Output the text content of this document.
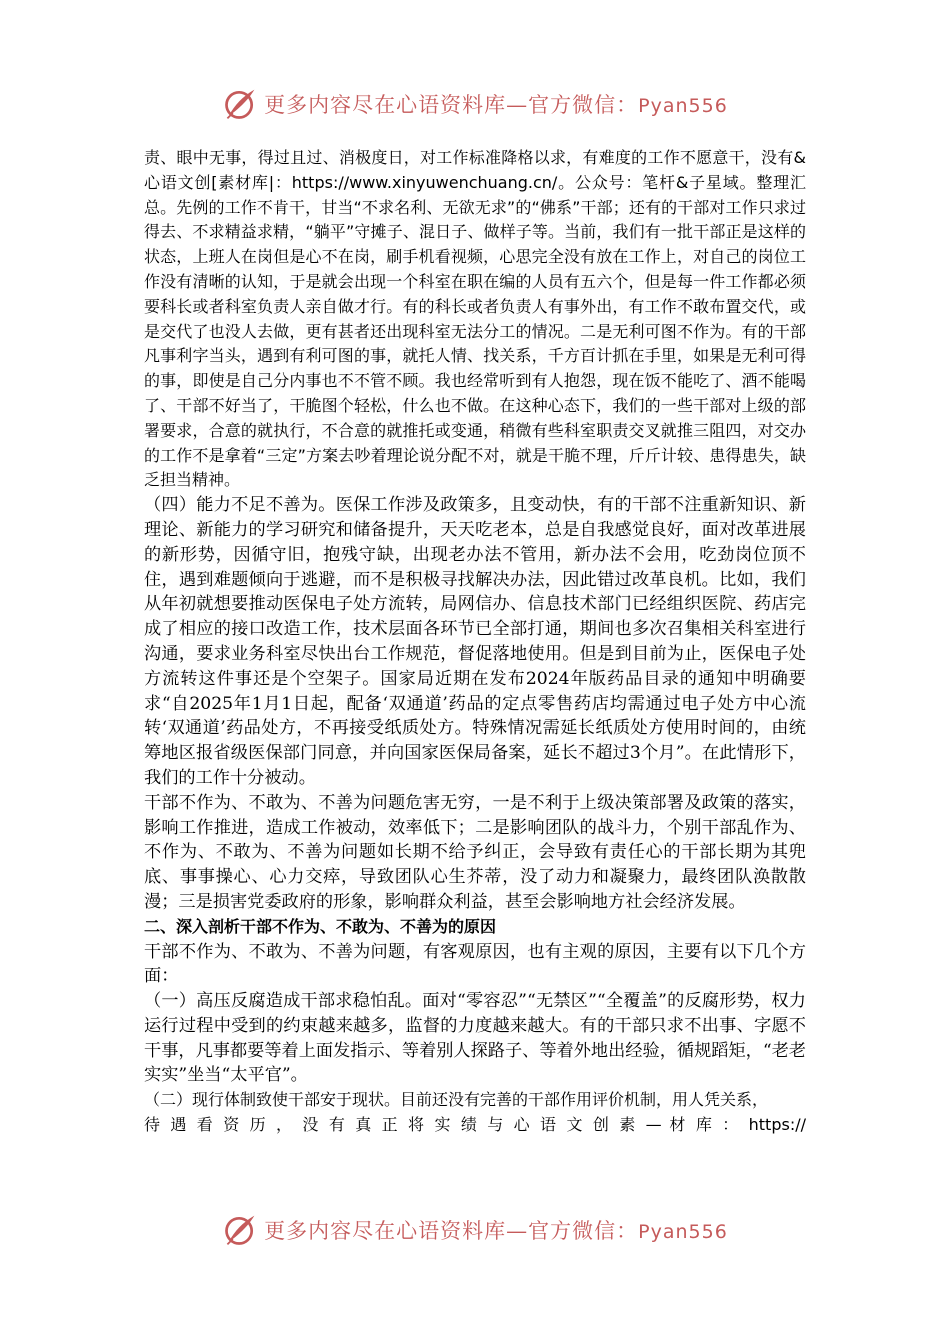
更多内容尽在心语资料库—官方微信：Pyan556

责、眼中无事，得过且过、消极度日，对工作标准降格以求，有难度的工作不愿意干，没有&心语文创[素材库|：https://www.xinyuwenchuang.cn/。公众号：笔杆&子星域。整理汇总。先例的工作不肯干，甘当“不求名利、无欲无求”的“佛系”干部；还有的干部对工作只求过得去、不求精益求精，“躺平”守摊子、混日子、做样子等。当前，我们有一批干部正是这样的状态，上班人在岗但是心不在岗，刷手机看视频，心思完全没有放在工作上，对自己的岗位工作没有清晰的认知，于是就会出现一个科室在职在编的人员有五六个，但是每一件工作都必须要科长或者科室负责人亲自做才行。有的科长或者负责人有事外出，有工作不敢布置交代，或是交代了也没人去做，更有甚者还出现科室无法分工的情况。二是无利可图不作为。有的干部凡事利字当头，遇到有利可图的事，就托人情、找关系，千方百计抓在手里，如果是无利可得的事，即使是自己分内事也不不管不顾。我也经常听到有人抱怨，现在饭不能吃了、酒不能喝了、干部不好当了，干脆图个轻松，什么也不做。在这种心态下，我们的一些干部对上级的部署要求，合意的就执行，不合意的就推托或变通，稍微有些科室职责交叉就推三阻四，对交办的工作不是拿着“三定”方案去吵着理论说分配不对，就是干脆不理，斤斤计较、患得患失，缺乏担当精神。

（四）能力不足不善为。医保工作涉及政策多，且变动快，有的干部不注重新知识、新理论、新能力的学习研究和储备提升，天天吃老本，总是自我感觉良好，面对改革进展的新形势，因循守旧，抱残守缺，出现老办法不管用，新办法不会用，吃劲岗位顶不住，遇到难题倾向于逃避，而不是积极寻找解决办法，因此错过改革良机。比如，我们从年初就想要推动医保电子处方流转，局网信办、信息技术部门已经组织医院、药店完成了相应的接口改造工作，技术层面各环节已全部打通，期间也多次召集相关科室进行沟通，要求业务科室尽快出台工作规范，督促落地使用。但是到目前为止，医保电子处方流转这件事还是个空架子。国家局近期在发布2024年版药品目录的通知中明确要求“自2025年1月1日起，配备‘双通道’药品的定点零售药店均需通过电子处方中心流转‘双通道’药品处方，不再接受纸质处方。特殊情况需延长纸质处方使用时间的，由统筹地区报省级医保部门同意，并向国家医保局备案，延长不超过3个月”。在此情形下，我们的工作十分被动。

干部不作为、不敢为、不善为问题危害无穷，一是不利于上级决策部署及政策的落实，影响工作推进，造成工作被动，效率低下；二是影响团队的战斗力，个别干部乱作为、不作为、不敢为、不善为问题如长期不给予纠正，会导致有责任心的干部长期为其兜底、事事操心、心力交瘁，导致团队心生芥蒂，没了动力和凝聚力，最终团队涣散散漫；三是损害党委政府的形象，影响群众利益，甚至会影响地方社会经济发展。

二、深入剖析干部不作为、不敢为、不善为的原因

干部不作为、不敢为、不善为问题，有客观原因，也有主观的原因，主要有以下几个方面：

（一）高压反腐造成干部求稳怕乱。面对“零容忍”“无禁区”“全覆盖”的反腐形势，权力运行过程中受到的约束越来越多，监督的力度越来越大。有的干部只求不出事、字愿不干事，凡事都要等着上面发指示、等着别人探路子、等着外地出经验，循规蹈矩，“老老实实”坐当“太平官”。

（二）现行体制致使干部安于现状。目前还没有完善的干部作用评价机制，用人凭关系，

待 遇 看 资 历 ， 没 有 真 正 将 实 绩 与 心 语 文 创 素 — 材 库 ： https://

更多内容尽在心语资料库—官方微信：Pyan556
